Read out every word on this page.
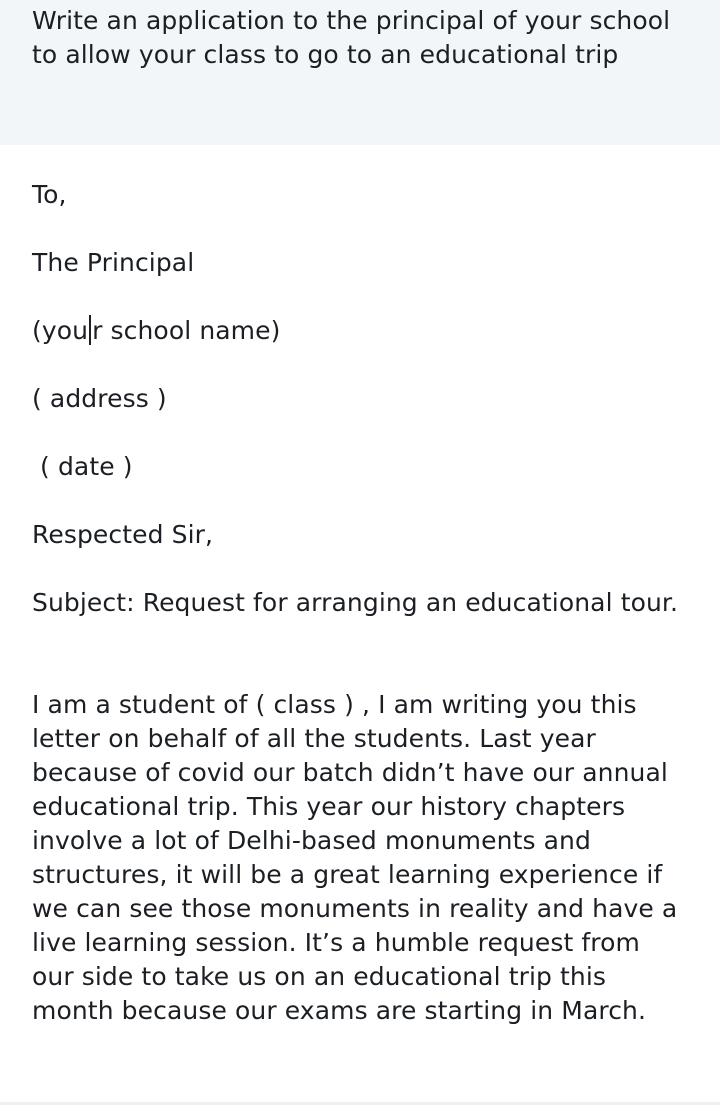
Write an application to the principal of your school to allow your class to go to an educational trip

To,

The Principal

(you r school name)

( address )

( date )

Respected Sir,

Subject: Request for arranging an educational tour.

I am a student of ( class ) , I am writing you this letter on behalf of all the students. Last year because of covid our batch didn’t have our annual educational trip. This year our history chapters involve a lot of Delhi-based monuments and structures, it will be a great learning experience if we can see those monuments in reality and have a live learning session. It’s a humble request from our side to take us on an educational trip this month because our exams are starting in March.
